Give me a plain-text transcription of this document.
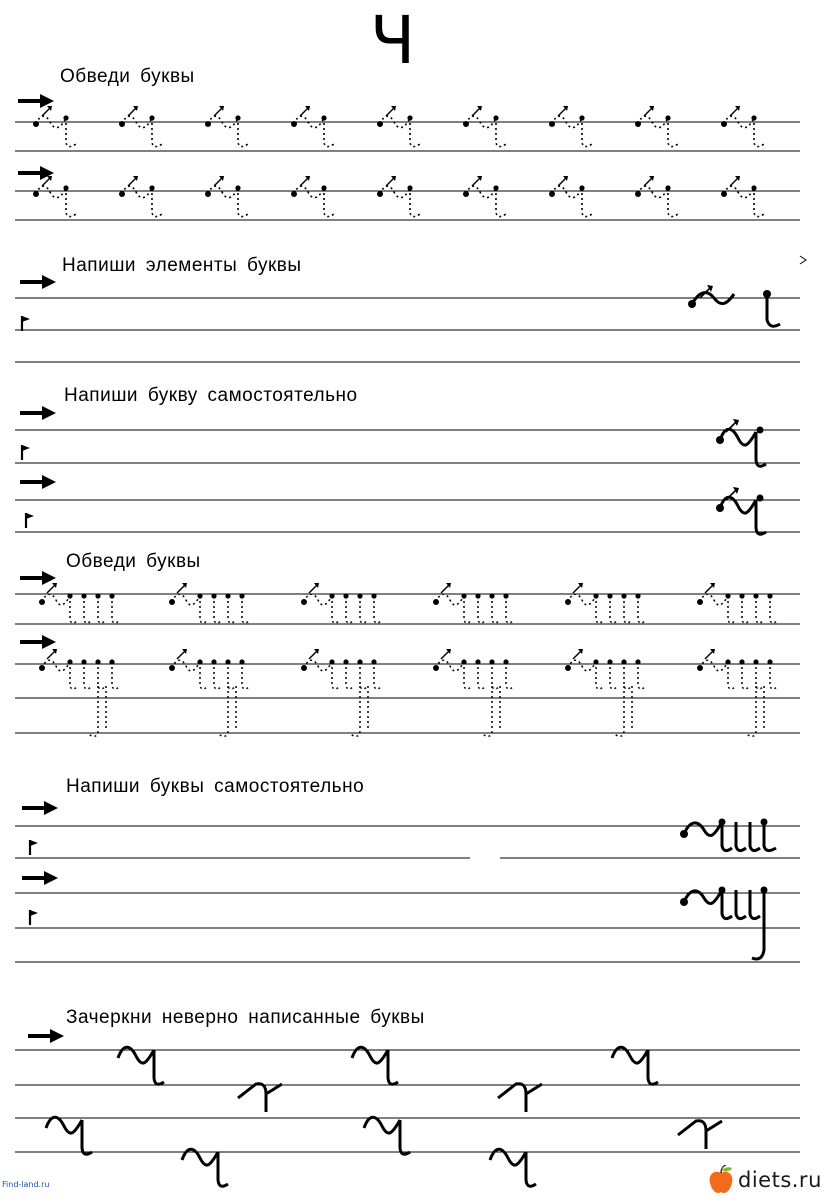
Ч
Обведи буквы
Напиши элементы буквы
Напиши букву самостоятельно
Обведи буквы
Напиши буквы самостоятельно
Зачеркни неверно написанные буквы
Find-land.ru	diets.ru
